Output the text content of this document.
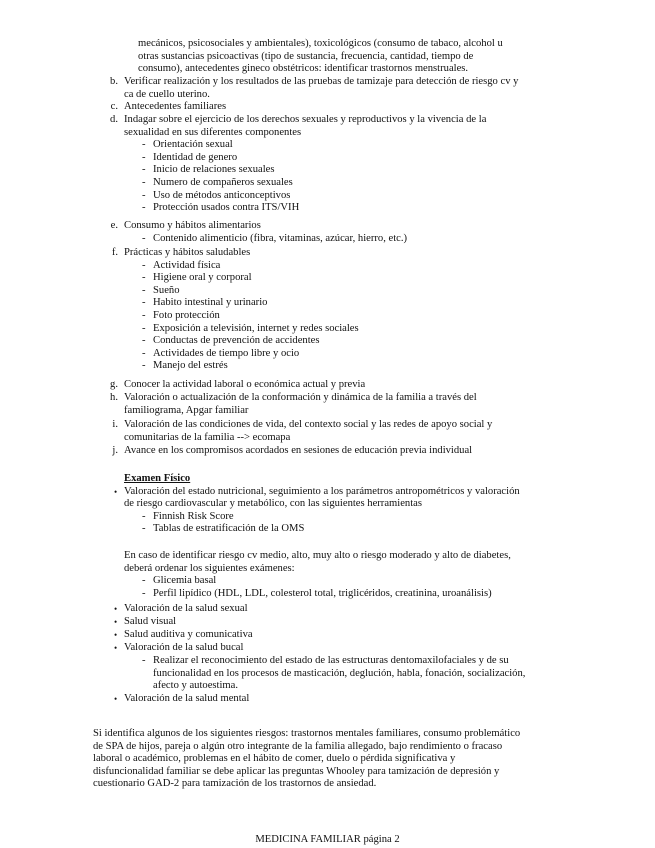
mecánicos, psicosociales y ambientales), toxicológicos (consumo de tabaco, alcohol u
otras sustancias psicoactivas (tipo de sustancia, frecuencia, cantidad, tiempo de
consumo), antecedentes gineco obstétricos: identificar trastornos menstruales.
b. Verificar realización y los resultados de las pruebas de tamizaje para detección de riesgo cv y
ca de cuello uterino.
c. Antecedentes familiares
d. Indagar sobre el ejercicio de los derechos sexuales y reproductivos y la vivencia de la
sexualidad en sus diferentes componentes
- Orientación sexual
- Identidad de genero
- Inicio de relaciones sexuales
- Numero de compañeros sexuales
- Uso de métodos anticonceptivos
- Protección usados contra ITS/VIH
e. Consumo y hábitos alimentarios
- Contenido alimenticio (fibra, vitaminas, azúcar, hierro, etc.)
f. Prácticas y hábitos saludables
- Actividad física
- Higiene oral y corporal
- Sueño
- Habito intestinal y urinario
- Foto protección
- Exposición a televisión, internet y redes sociales
- Conductas de prevención de accidentes
- Actividades de tiempo libre y ocio
- Manejo del estrés
g. Conocer la actividad laboral o económica actual y previa
h. Valoración o actualización de la conformación y dinámica de la familia a través del
familiograma, Apgar familiar
i. Valoración de las condiciones de vida, del contexto social y las redes de apoyo social y
comunitarias de la familia --> ecomapa
j. Avance en los compromisos acordados en sesiones de educación previa individual
Examen Físico
• Valoración del estado nutricional, seguimiento a los parámetros antropométricos y valoración
de riesgo cardiovascular y metabólico, con las siguientes herramientas
- Finnish Risk Score
- Tablas de estratificación de la OMS
En caso de identificar riesgo cv medio, alto, muy alto o riesgo moderado y alto de diabetes,
deberá ordenar los siguientes exámenes:
- Glicemia basal
- Perfil lipídico (HDL, LDL, colesterol total, triglicéridos, creatinina, uroanálisis)
• Valoración de la salud sexual
• Salud visual
• Salud auditiva y comunicativa
• Valoración de la salud bucal
- Realizar el reconocimiento del estado de las estructuras dentomaxilofaciales y de su
funcionalidad en los procesos de masticación, deglución, habla, fonación, socialización,
afecto y autoestima.
• Valoración de la salud mental
Si identifica algunos de los siguientes riesgos: trastornos mentales familiares, consumo problemático
de SPA de hijos, pareja o algún otro integrante de la familia allegado, bajo rendimiento o fracaso
laboral o académico, problemas en el hábito de comer, duelo o pérdida significativa y
disfuncionalidad familiar se debe aplicar las preguntas Whooley para tamización de depresión y
cuestionario GAD-2 para tamización de los trastornos de ansiedad.
MEDICINA FAMILIAR página 2
